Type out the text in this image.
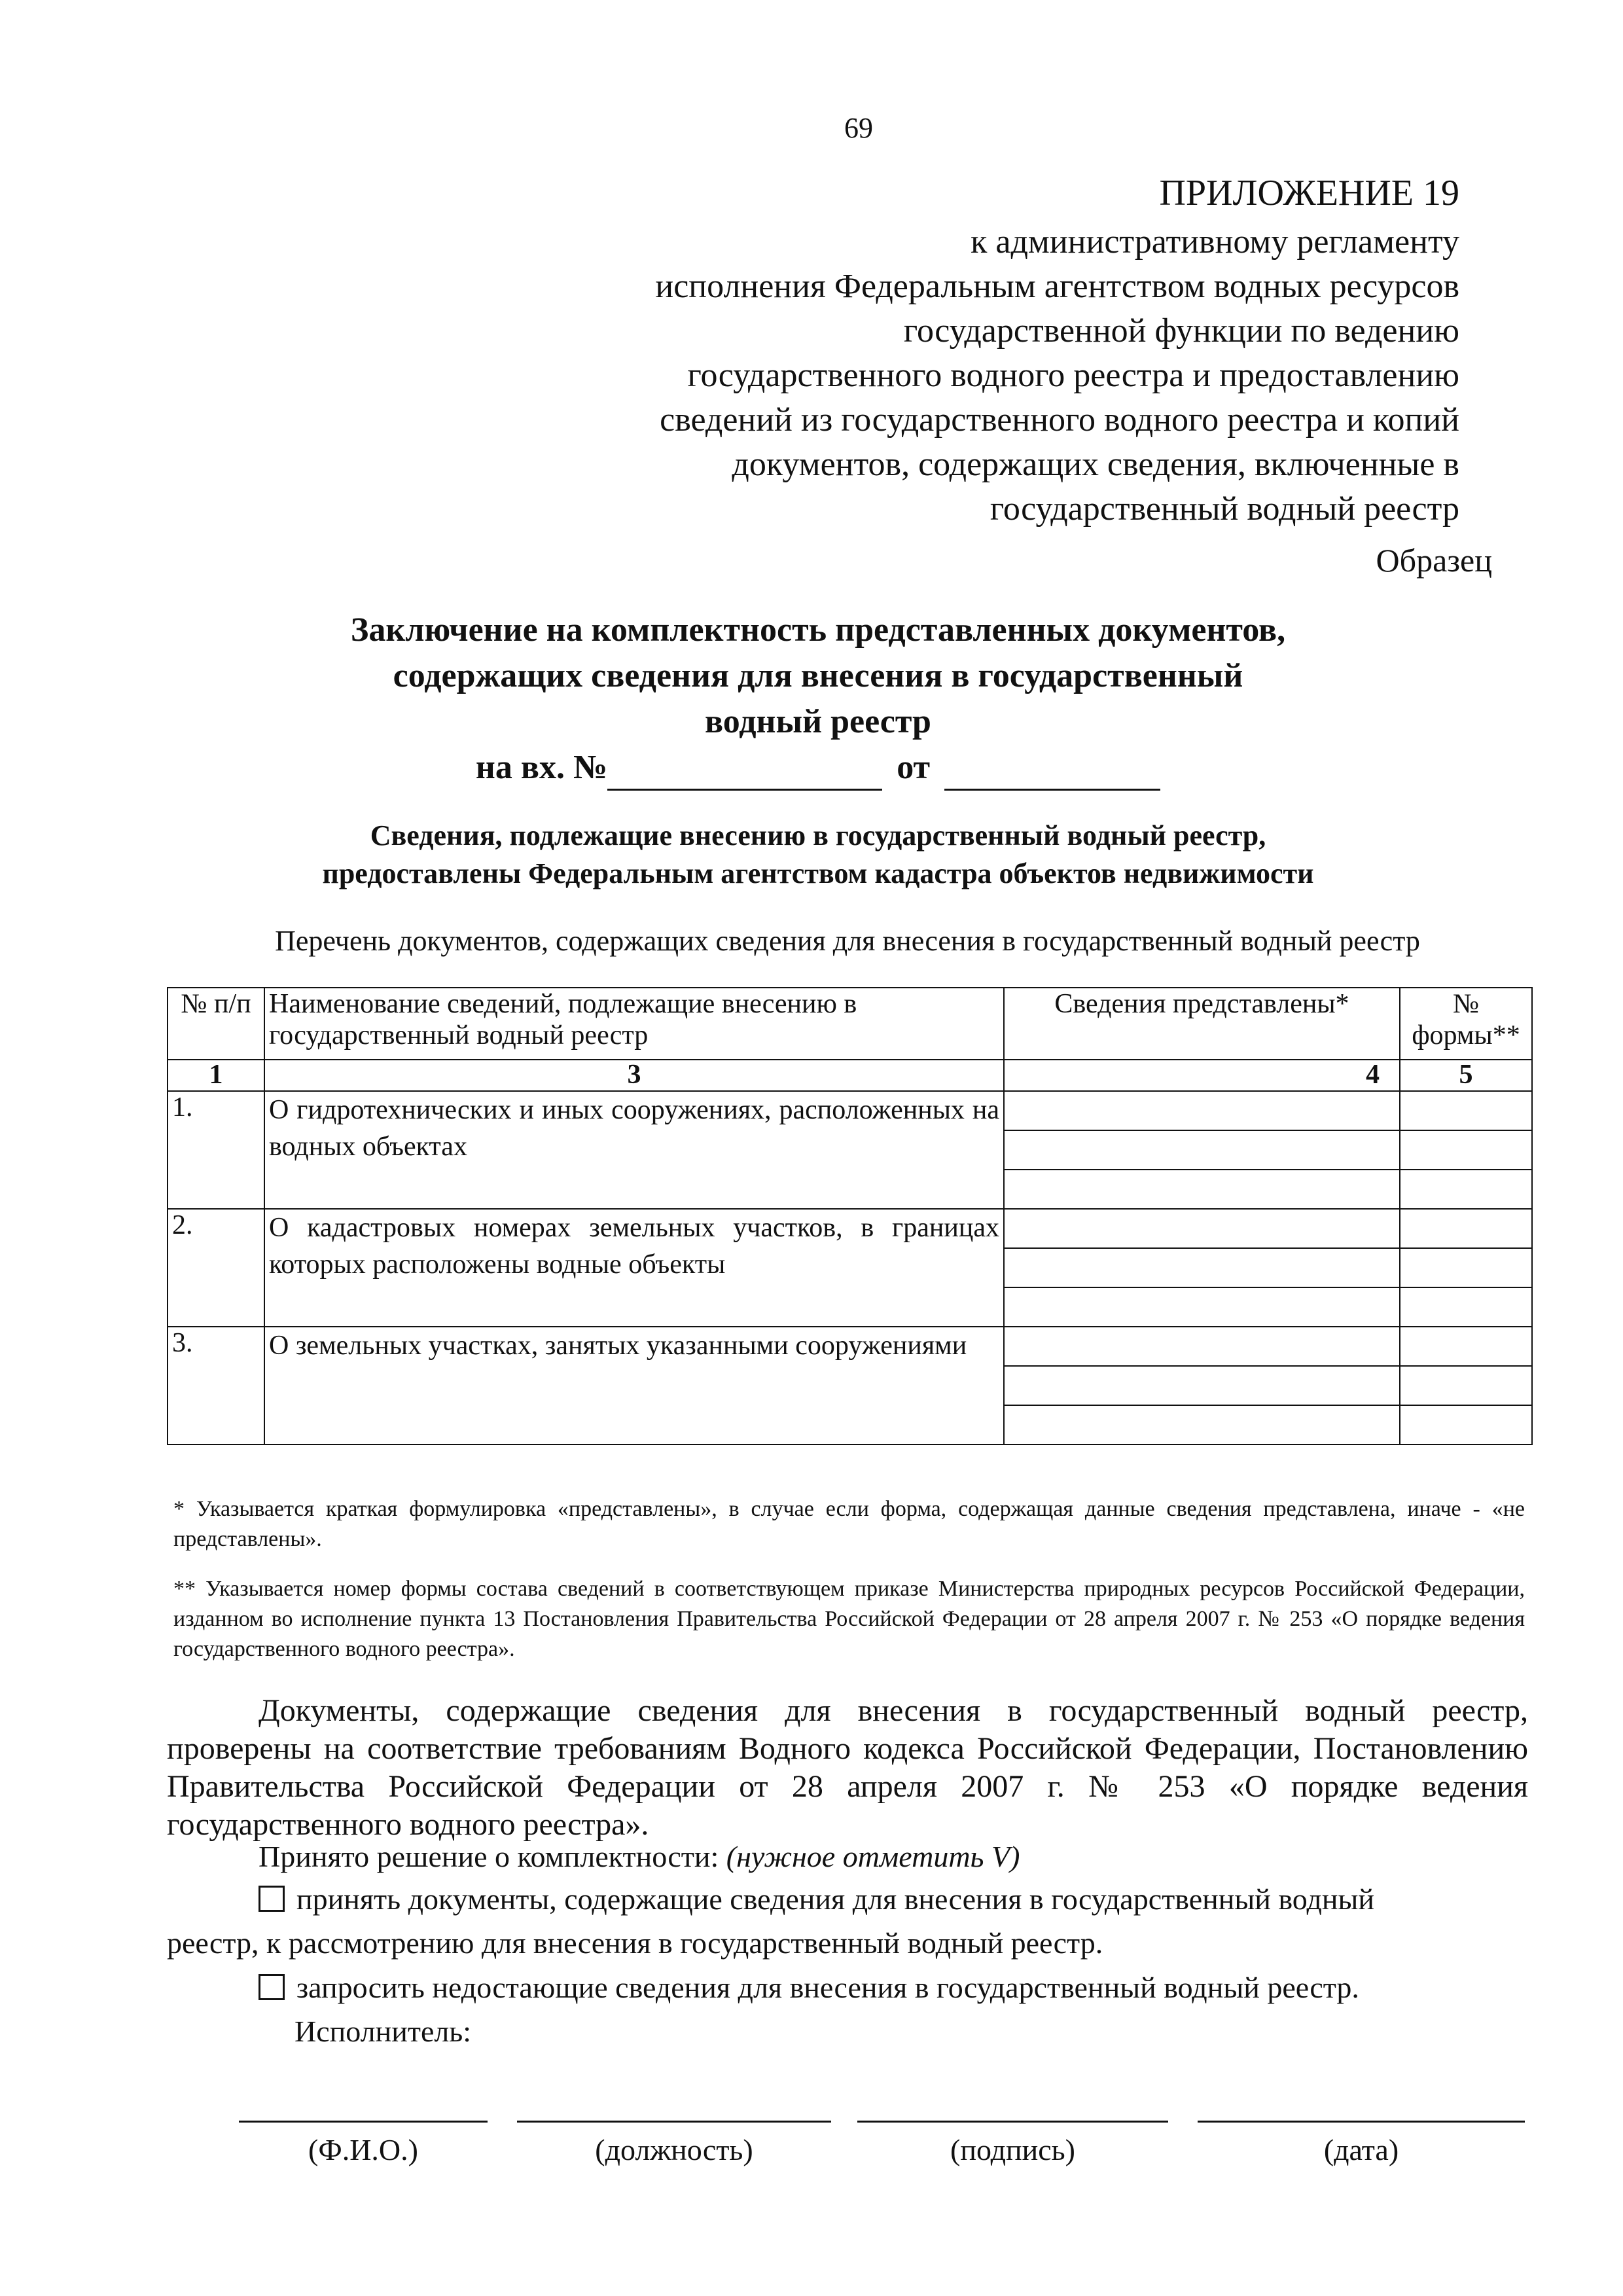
69
ПРИЛОЖЕНИЕ 19
к административному регламенту
исполнения Федеральным агентством водных ресурсов
государственной функции по ведению
государственного водного реестра и предоставлению
сведений из государственного водного реестра и копий
документов, содержащих сведения, включенные в
государственный водный реестр
Образец
Заключение на комплектность представленных документов,
содержащих сведения для внесения в государственный
водный реестр
на вх. №	от
Сведения, подлежащие внесению в государственный водный реестр,
предоставлены Федеральным агентством кадастра объектов недвижимости
Перечень документов, содержащих сведения для внесения в государственный водный реестр
№ п/п	Наименование сведений, подлежащие внесению в государственный водный реестр	Сведения представлены*	№ формы**
1	3	4	5
1.	О гидротехнических и иных сооружениях, расположенных на водных объектах		

2.	О кадастровых номерах земельных участков, в границах которых расположены водные объекты		

3.	О земельных участках, занятых указанными сооружениями		

* Указывается краткая формулировка «представлены», в случае если форма, содержащая данные сведения представлена, иначе - «не представлены».
** Указывается номер формы состава сведений в соответствующем приказе Министерства природных ресурсов Российской Федерации, изданном во исполнение пункта 13 Постановления Правительства Российской Федерации от 28 апреля 2007 г. № 253 «О порядке ведения государственного водного реестра».
Документы, содержащие сведения для внесения в государственный водный реестр, проверены на соответствие требованиям Водного кодекса Российской Федерации, Постановлению Правительства Российской Федерации от 28 апреля 2007 г. № 253 «О порядке ведения государственного водного реестра».
Принято решение о комплектности: (нужное отметить V)
принять документы, содержащие сведения для внесения в государственный водный
реестр, к рассмотрению для внесения в государственный водный реестр.
запросить недостающие сведения для внесения в государственный водный реестр.
Исполнитель:
(Ф.И.О.)	(должность)	(подпись)	(дата)
